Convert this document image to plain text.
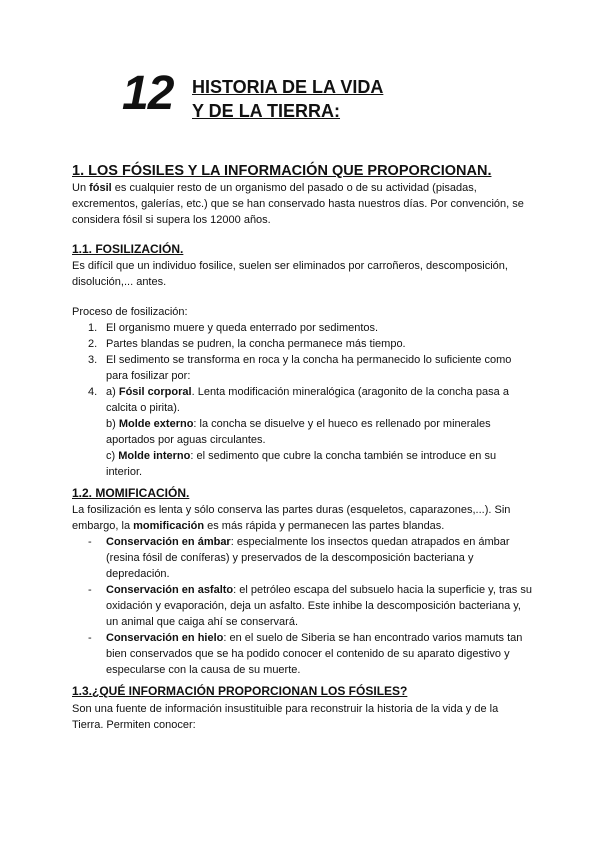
12 HISTORIA DE LA VIDA
Y DE LA TIERRA:
1. LOS FÓSILES Y LA INFORMACIÓN QUE PROPORCIONAN.
Un fósil es cualquier resto de un organismo del pasado o de su actividad (pisadas, excrementos, galerías, etc.) que se han conservado hasta nuestros días. Por convención, se considera fósil si supera los 12000 años.
1.1. FOSILIZACIÓN.
Es difícil que un individuo fosilice, suelen ser eliminados por carroñeros, descomposición, disolución,... antes.
Proceso de fosilización:
1. El organismo muere y queda enterrado por sedimentos.
2. Partes blandas se pudren, la concha permanece más tiempo.
3. El sedimento se transforma en roca y la concha ha permanecido lo suficiente como para fosilizar por:
4. a) Fósil corporal. Lenta modificación mineralógica (aragonito de la concha pasa a calcita o pirita).
b) Molde externo: la concha se disuelve y el hueco es rellenado por minerales aportados por aguas circulantes.
c) Molde interno: el sedimento que cubre la concha también se introduce en su interior.
1.2. MOMIFICACIÓN.
La fosilización es lenta y sólo conserva las partes duras (esqueletos, caparazones,...). Sin embargo, la momificación es más rápida y permanecen las partes blandas.
- Conservación en ámbar: especialmente los insectos quedan atrapados en ámbar (resina fósil de coníferas) y preservados de la descomposición bacteriana y depredación.
- Conservación en asfalto: el petróleo escapa del subsuelo hacia la superficie y, tras su oxidación y evaporación, deja un asfalto. Este inhibe la descomposición bacteriana y, un animal que caiga ahí se conservará.
- Conservación en hielo: en el suelo de Siberia se han encontrado varios mamuts tan bien conservados que se ha podido conocer el contenido de su aparato digestivo y especularse con la causa de su muerte.
1.3.¿QUÉ INFORMACIÓN PROPORCIONAN LOS FÓSILES?
Son una fuente de información insustituible para reconstruir la historia de la vida y de la Tierra. Permiten conocer:
